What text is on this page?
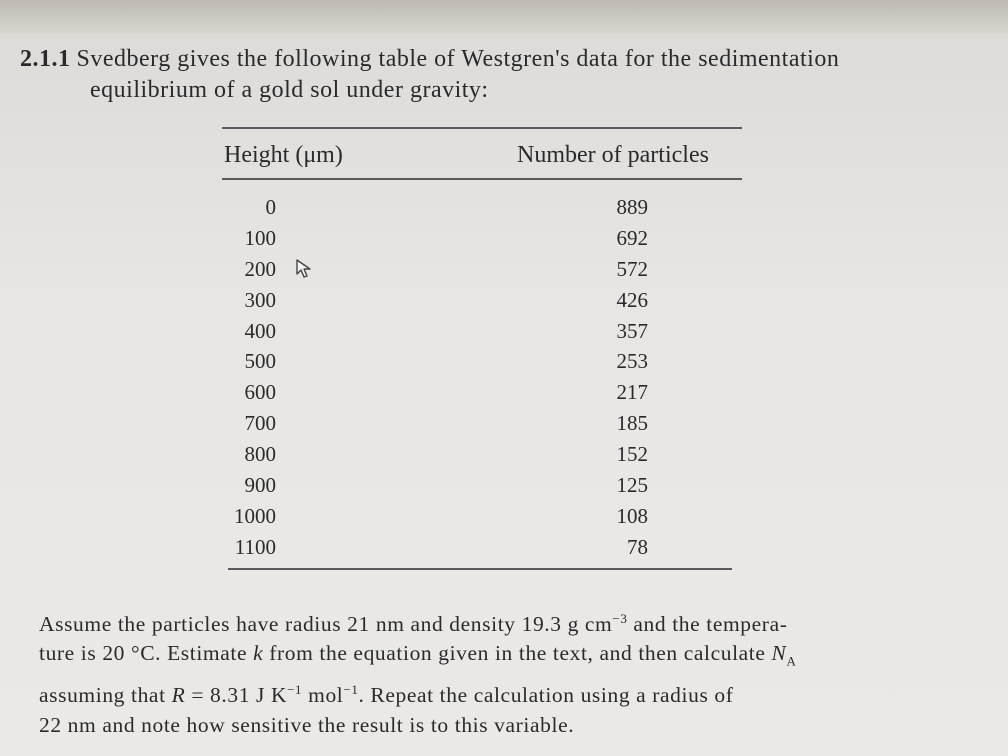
2.1.1 Svedberg gives the following table of Westgren's data for the sedimentation
equilibrium of a gold sol under gravity:
Height (μm)	Number of particles
0
100
200
300
400
500
600
700
800
900
1000
1100
889
692
572
426
357
253
217
185
152
125
108
78

Assume the particles have radius 21 nm and density 19.3 g $cm^{-3}$ and the tempera-

ture is 20 °C. Estimate k from the equation given in the text, and then calculate $N_A$

assuming that R = 8.31 J $K^{-1}$ mol$^{-1}$. Repeat the calculation using a radius of

22 nm and note how sensitive the result is to this variable.
